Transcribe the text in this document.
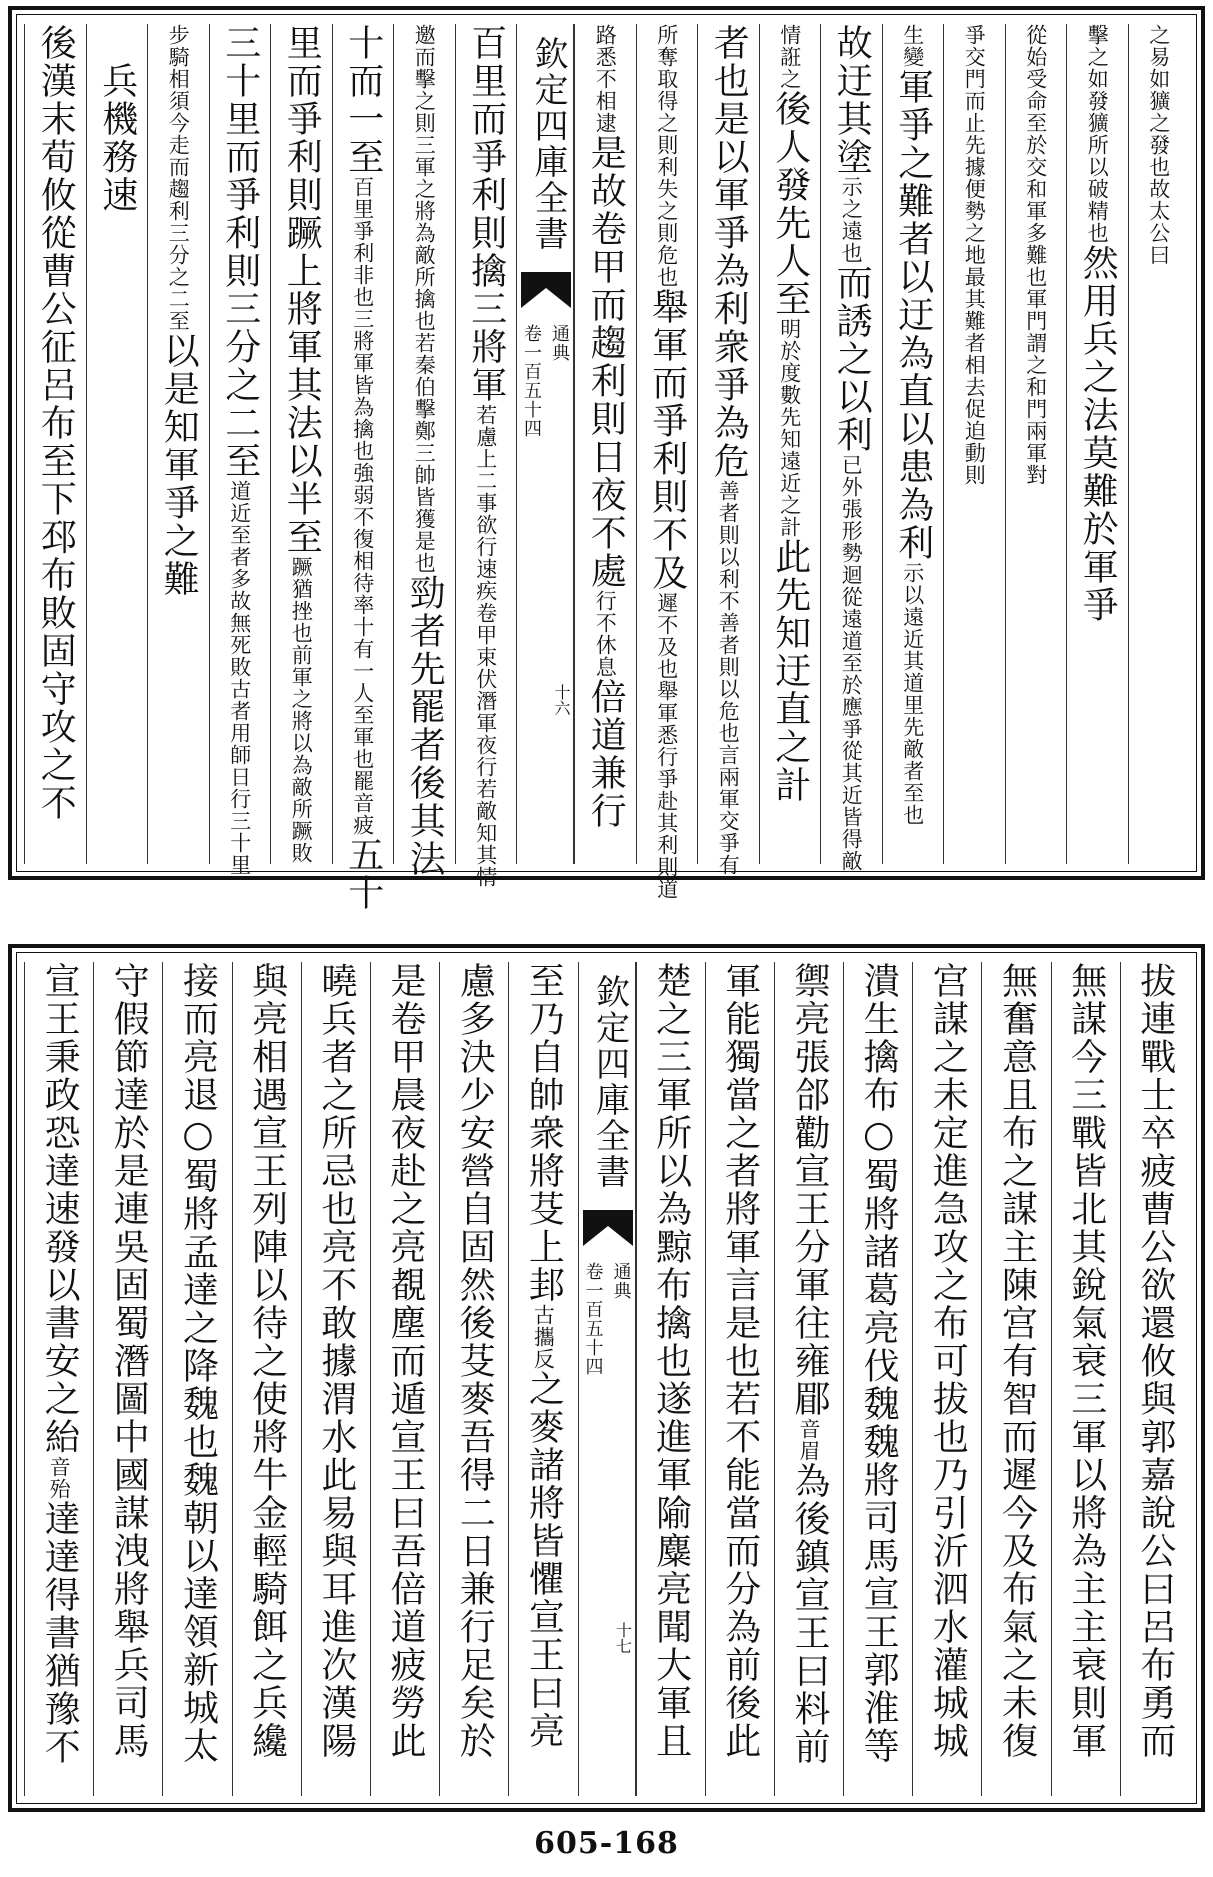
之易如獷之發也故太公曰
擊之如發獷所以破精也然用兵之法莫難於軍爭
從始受命至於交和軍多難也軍門謂之和門兩軍對
爭交門而止先據便勢之地最其難者相去促迫動則
生變軍爭之難者以迂為直以患為利示以遠近其道里先敵者至也
故迂其塗示之遠也而誘之以利已外張形勢迴從遠道至於應爭從其近皆得敵
情誑之後人發先人至明於度數先知遠近之計此先知迂直之計
者也是以軍爭為利衆爭為危善者則以利不善者則以危也言兩軍交爭有
所奪取得之則利失之則危也舉軍而爭利則不及遲不及也舉軍悉行爭赴其利則道
路悉不相逮是故卷甲而趨利則日夜不處行不休息倍道兼行
欽定四庫全書
卷一百五十四 通典
十六
百里而爭利則擒三將軍若慮上二事欲行速疾卷甲束伏潛軍夜行若敵知其情
邀而擊之則三軍之將為敵所擒也若秦伯擊鄭三帥皆獲是也勁者先罷者後其法
十而一至百里爭利非也三將軍皆為擒也強弱不復相待率十有一人至軍也罷音疲五十
里而爭利則蹶上將軍其法以半至蹶猶挫也前軍之將以為敵所蹶敗
三十里而爭利則三分之二至道近至者多故無死敗古者用師日行三十里
步騎相須今走而趨利三分之二至以是知軍爭之難
　兵機務速
後漢末荀攸從曹公征呂布至下邳布敗固守攻之不
拔連戰士卒疲曹公欲還攸與郭嘉說公曰呂布勇而
無謀今三戰皆北其銳氣衰三軍以將為主主衰則軍
無奮意且布之謀主陳宫有智而遲今及布氣之未復
宫謀之未定進急攻之布可拔也乃引沂泗水灌城城
潰生擒布○蜀將諸葛亮伐魏魏將司馬宣王郭淮等
禦亮張郃勸宣王分軍往雍郿音眉為後鎮宣王曰料前
軍能獨當之者將軍言是也若不能當而分為前後此
楚之三軍所以為黥布擒也遂進軍隃麋亮聞大軍且
欽定四庫全書
卷一百五十四 通典
十七
至乃自帥衆將芟上邽古攜反之麥諸將皆懼宣王曰亮
慮多決少安營自固然後芟麥吾得二日兼行足矣於
是卷甲晨夜赴之亮覩塵而遁宣王曰吾倍道疲勞此
曉兵者之所忌也亮不敢據渭水此易與耳進次漢陽
與亮相遇宣王列陣以待之使將牛金輕騎餌之兵纔
接而亮退○蜀將孟達之降魏也魏朝以達領新城太
守假節達於是連吳固蜀潛圖中國謀洩將舉兵司馬
宣王秉政恐達速發以書安之紿音殆達達得書猶豫不
605-168
